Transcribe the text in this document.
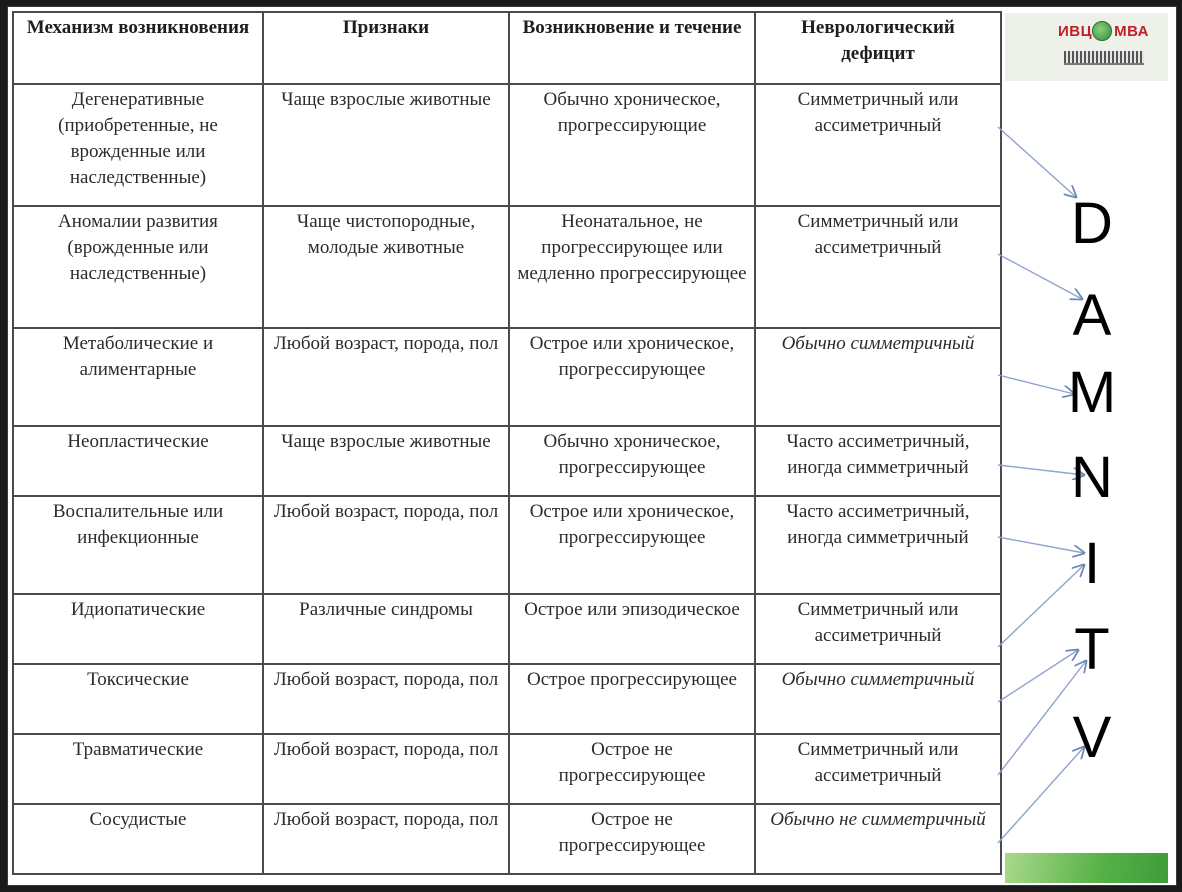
Механизм возникновения	Признаки	Возникновение и течение	Неврологический дефицит
Дегенеративные (приобретенные, не врожденные или наследственные)	Чаще взрослые животные	Обычно хроническое, прогрессирующие	Симметричный или ассиметричный
Аномалии развития (врожденные или наследственные)	Чаще чистопородные, молодые животные	Неонатальное, не прогрессирующее или медленно прогрессирующее	Симметричный или ассиметричный
Метаболические и алиментарные	Любой возраст, порода, пол	Острое или хроническое, прогрессирующее	Обычно симметричный
Неопластические	Чаще взрослые животные	Обычно хроническое, прогрессирующее	Часто ассиметричный, иногда симметричный
Воспалительные или инфекционные	Любой возраст, порода, пол	Острое или хроническое, прогрессирующее	Часто ассиметричный, иногда симметричный
Идиопатические	Различные синдромы	Острое или эпизодическое	Симметричный или ассиметричный
Токсические	Любой возраст, порода, пол	Острое прогрессирующее	Обычно симметричный
Травматические	Любой возраст, порода, пол	Острое не прогрессирующее	Симметричный или ассиметричный
Сосудистые	Любой возраст, порода, пол	Острое не прогрессирующее	Обычно не симметричный
ИВЦ МВА
D
A
M
N
I
T
V
